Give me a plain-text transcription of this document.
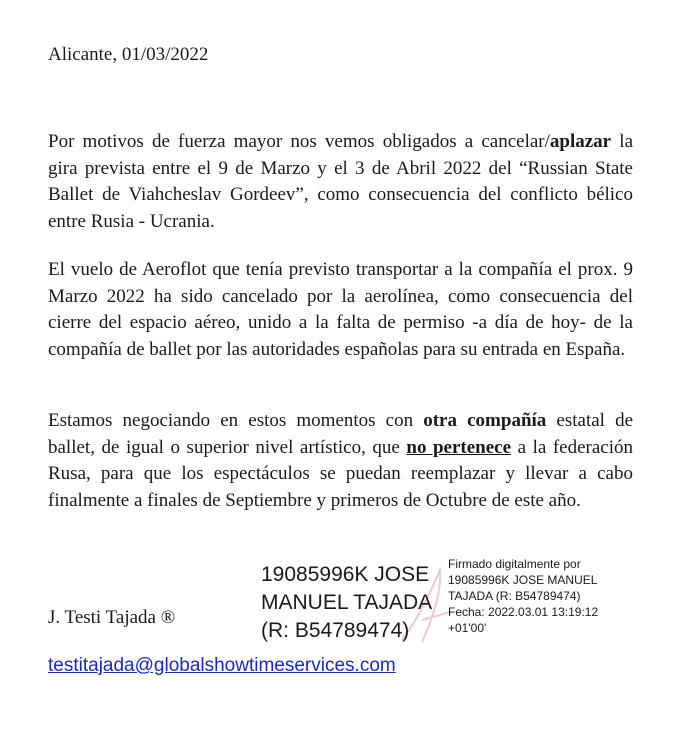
Alicante, 01/03/2022

Por motivos de fuerza mayor nos vemos obligados a cancelar/aplazar la gira prevista entre el 9 de Marzo y el 3 de Abril 2022 del “Russian State Ballet de Viahcheslav Gordeev”, como consecuencia del conflicto bélico entre Rusia - Ucrania.

El vuelo de Aeroflot que tenía previsto transportar a la compañía el prox. 9 Marzo 2022 ha sido cancelado por la aerolínea, como consecuencia del cierre del espacio aéreo, unido a la falta de permiso -a día de hoy- de la compañía de ballet por las autoridades españolas para su entrada en España.

Estamos negociando en estos momentos con otra compañía estatal de ballet, de igual o superior nivel artístico, que no pertenece a la federación Rusa, para que los espectáculos se puedan reemplazar y llevar a cabo finalmente a finales de Septiembre y primeros de Octubre de este año.

J. Testi Tajada ®
19085996K JOSE
MANUEL TAJADA
(R: B54789474)
Firmado digitalmente por
19085996K JOSE MANUEL
TAJADA (R: B54789474)
Fecha: 2022.03.01 13:19:12
+01'00'
testitajada@globalshowtimeservices.com
